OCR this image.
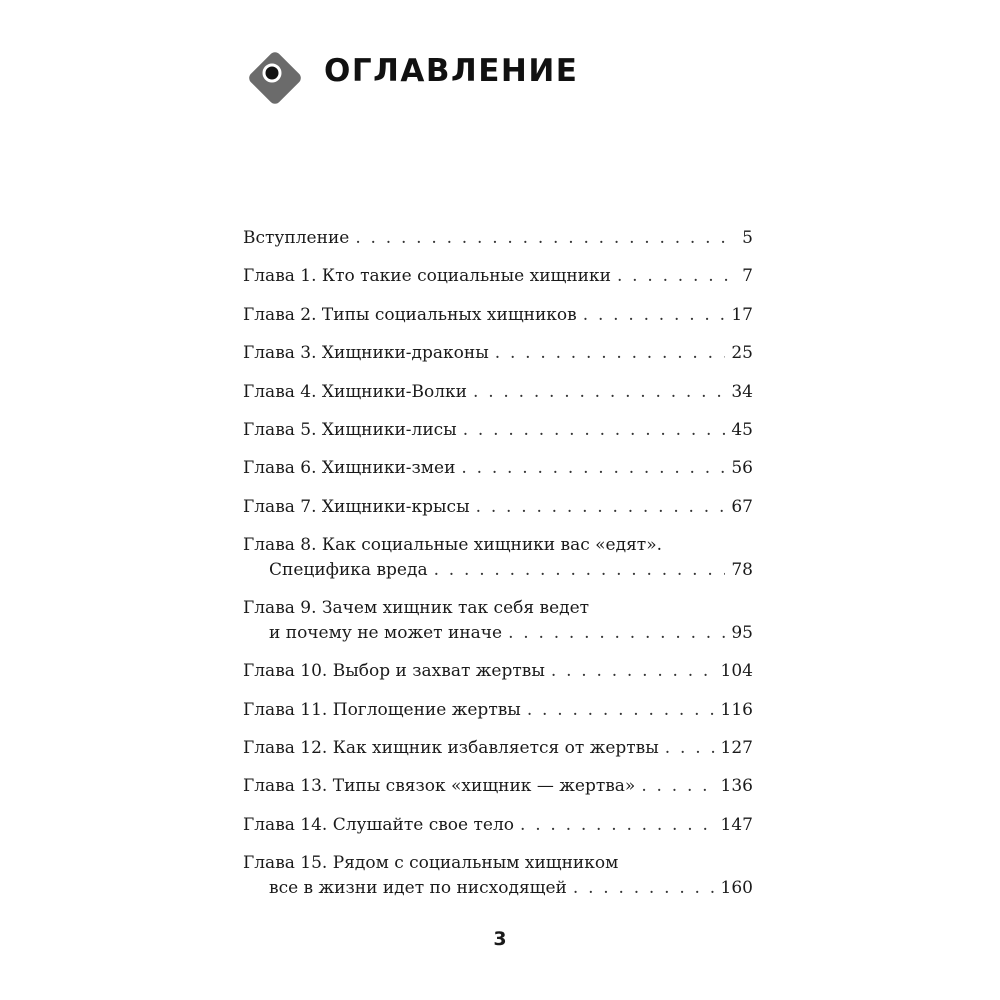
ОГЛАВЛЕНИЕ
Вступление . . .	5
Глава 1. Кто такие социальные хищники . . .	7
Глава 2. Типы социальных хищников . . .	17
Глава 3. Хищники-драконы . . .	25
Глава 4. Хищники-Волки . . .	34
Глава 5. Хищники-лисы . . .	45
Глава 6. Хищники-змеи . . .	56
Глава 7. Хищники-крысы . . .	67
Глава 8. Как социальные хищники вас «едят».
Специфика вреда . . .	78
Глава 9. Зачем хищник так себя ведет
и почему не может иначе . . .	95
Глава 10. Выбор и захват жертвы . . .	104
Глава 11. Поглощение жертвы . . .	116
Глава 12. Как хищник избавляется от жертвы . . .	127
Глава 13. Типы связок «хищник — жертва» . . .	136
Глава 14. Слушайте свое тело . . .	147
Глава 15. Рядом с социальным хищником
все в жизни идет по нисходящей . . .	160
3
